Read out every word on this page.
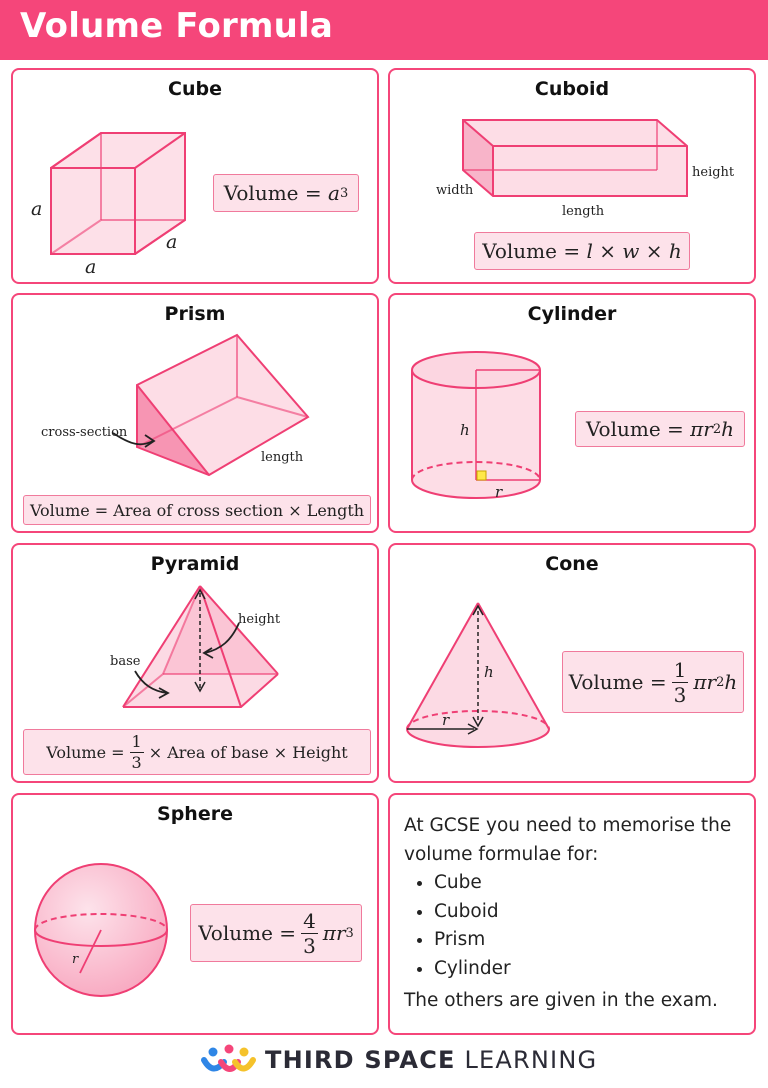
Volume Formula
Cube
a
a
a
Volume
=
a 3
Cuboid
width
length
height
Volume
=
l × w × h
Prism
cross-section
length
Volume = Area of cross section × Length
Cylinder
h
r
Volume
=
πr 2 h
Pyramid
height
base
Volume
= $\frac{1}{3}$ × Area of base × Height
Cone
h
r
Volume
= $\frac{1}{3}$ πr 2 h
Sphere
r
Volume
= $\frac{4}{3}$ πr 3
At GCSE you need to memorise the volume formulae for:
• Cube
• Cuboid
• Prism
• Cylinder
The others are given in the exam.
THIRD SPACE LEARNING
